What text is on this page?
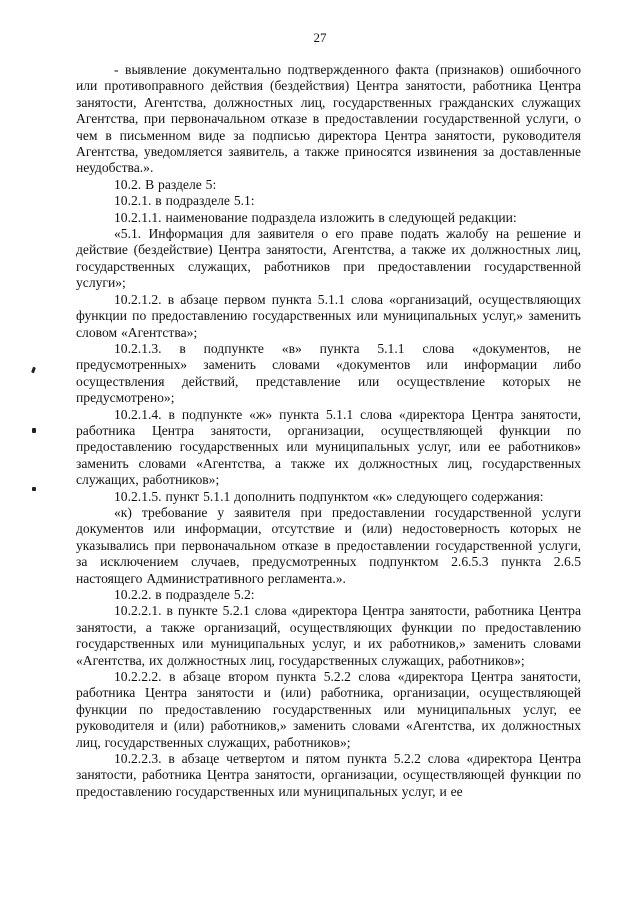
27

- выявление документально подтвержденного факта (признаков) ошибочного или противоправного действия (бездействия) Центра занятости, работника Центра занятости, Агентства, должностных лиц, государственных гражданских служащих Агентства, при первоначальном отказе в предоставлении государственной услуги, о чем в письменном виде за подписью директора Центра занятости, руководителя Агентства, уведомляется заявитель, а также приносятся извинения за доставленные неудобства.».

10.2. В разделе 5:

10.2.1. в подразделе 5.1:

10.2.1.1. наименование подраздела изложить в следующей редакции:

«5.1. Информация для заявителя о его праве подать жалобу на решение и действие (бездействие) Центра занятости, Агентства, а также их должностных лиц, государственных служащих, работников при предоставлении государственной услуги»;

10.2.1.2. в абзаце первом пункта 5.1.1 слова «организаций, осуществляющих функции по предоставлению государственных или муниципальных услуг,» заменить словом «Агентства»;

10.2.1.3. в подпункте «в» пункта 5.1.1 слова «документов, не предусмотренных» заменить словами «документов или информации либо осуществления действий, представление или осуществление которых не предусмотрено»;

10.2.1.4. в подпункте «ж» пункта 5.1.1 слова «директора Центра занятости, работника Центра занятости, организации, осуществляющей функции по предоставлению государственных или муниципальных услуг, или ее работников» заменить словами «Агентства, а также их должностных лиц, государственных служащих, работников»;

10.2.1.5. пункт 5.1.1 дополнить подпунктом «к» следующего содержания:

«к) требование у заявителя при предоставлении государственной услуги документов или информации, отсутствие и (или) недостоверность которых не указывались при первоначальном отказе в предоставлении государственной услуги, за исключением случаев, предусмотренных подпунктом 2.6.5.3 пункта 2.6.5 настоящего Административного регламента.».

10.2.2. в подразделе 5.2:

10.2.2.1. в пункте 5.2.1 слова «директора Центра занятости, работника Центра занятости, а также организаций, осуществляющих функции по предоставлению государственных или муниципальных услуг, и их работников,» заменить словами «Агентства, их должностных лиц, государственных служащих, работников»;

10.2.2.2. в абзаце втором пункта 5.2.2 слова «директора Центра занятости, работника Центра занятости и (или) работника, организации, осуществляющей функции по предоставлению государственных или муниципальных услуг, ее руководителя и (или) работников,» заменить словами «Агентства, их должностных лиц, государственных служащих, работников»;

10.2.2.3. в абзаце четвертом и пятом пункта 5.2.2 слова «директора Центра занятости, работника Центра занятости, организации, осуществляющей функции по предоставлению государственных или муниципальных услуг, и ее
